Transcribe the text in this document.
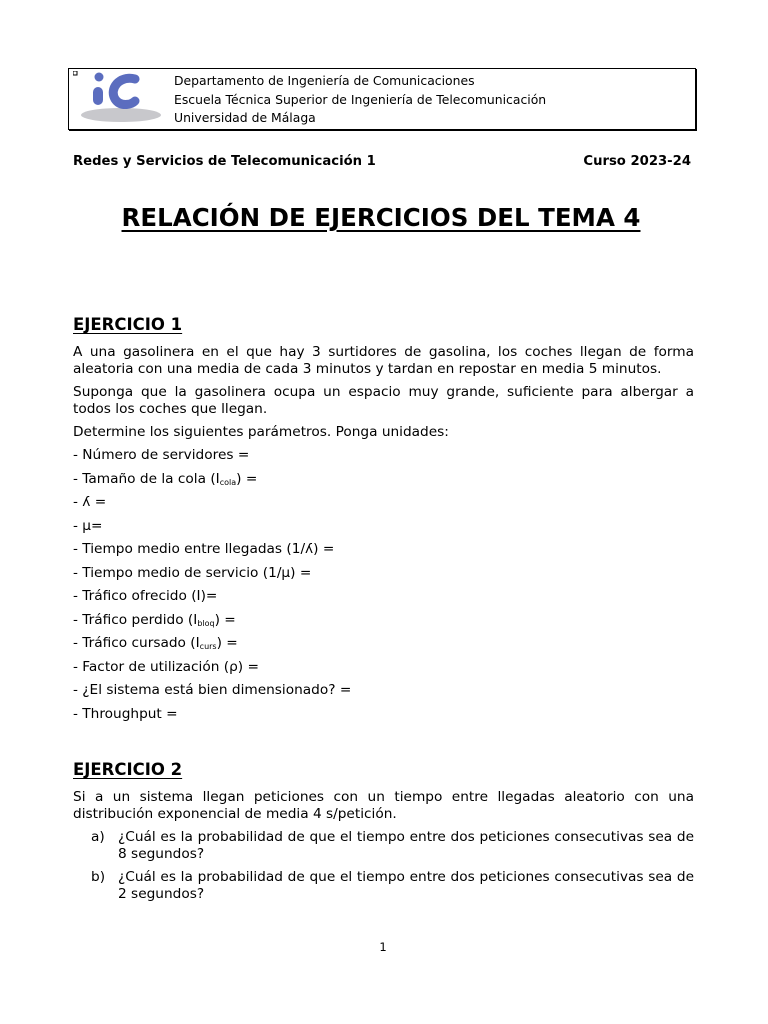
Departamento de Ingeniería de Comunicaciones
Escuela Técnica Superior de Ingeniería de Telecomunicación
Universidad de Málaga
Redes y Servicios de Telecomunicación 1	Curso 2023-24
RELACIÓN DE EJERCICIOS DEL TEMA 4
EJERCICIO 1
A una gasolinera en el que hay 3 surtidores de gasolina, los coches llegan de forma aleatoria con una media de cada 3 minutos y tardan en repostar en media 5 minutos.
Suponga que la gasolinera ocupa un espacio muy grande, suficiente para albergar a todos los coches que llegan.
Determine los siguientes parámetros. Ponga unidades:
- Número de servidores =
- Tamaño de la cola $(I_{cola})$ =
- ʎ =
- μ=
- Tiempo medio entre llegadas (1/ʎ) =
- Tiempo medio de servicio (1/μ) =
- Tráfico ofrecido (I)=
- Tráfico perdido $(I_{bloq})$ =
- Tráfico cursado $(I_{curs})$ =
- Factor de utilización (ρ) =
- ¿El sistema está bien dimensionado? =
- Throughput =
EJERCICIO 2
Si a un sistema llegan peticiones con un tiempo entre llegadas aleatorio con una distribución exponencial de media 4 s/petición.
a) ¿Cuál es la probabilidad de que el tiempo entre dos peticiones consecutivas sea de 8 segundos?
b) ¿Cuál es la probabilidad de que el tiempo entre dos peticiones consecutivas sea de 2 segundos?
1
